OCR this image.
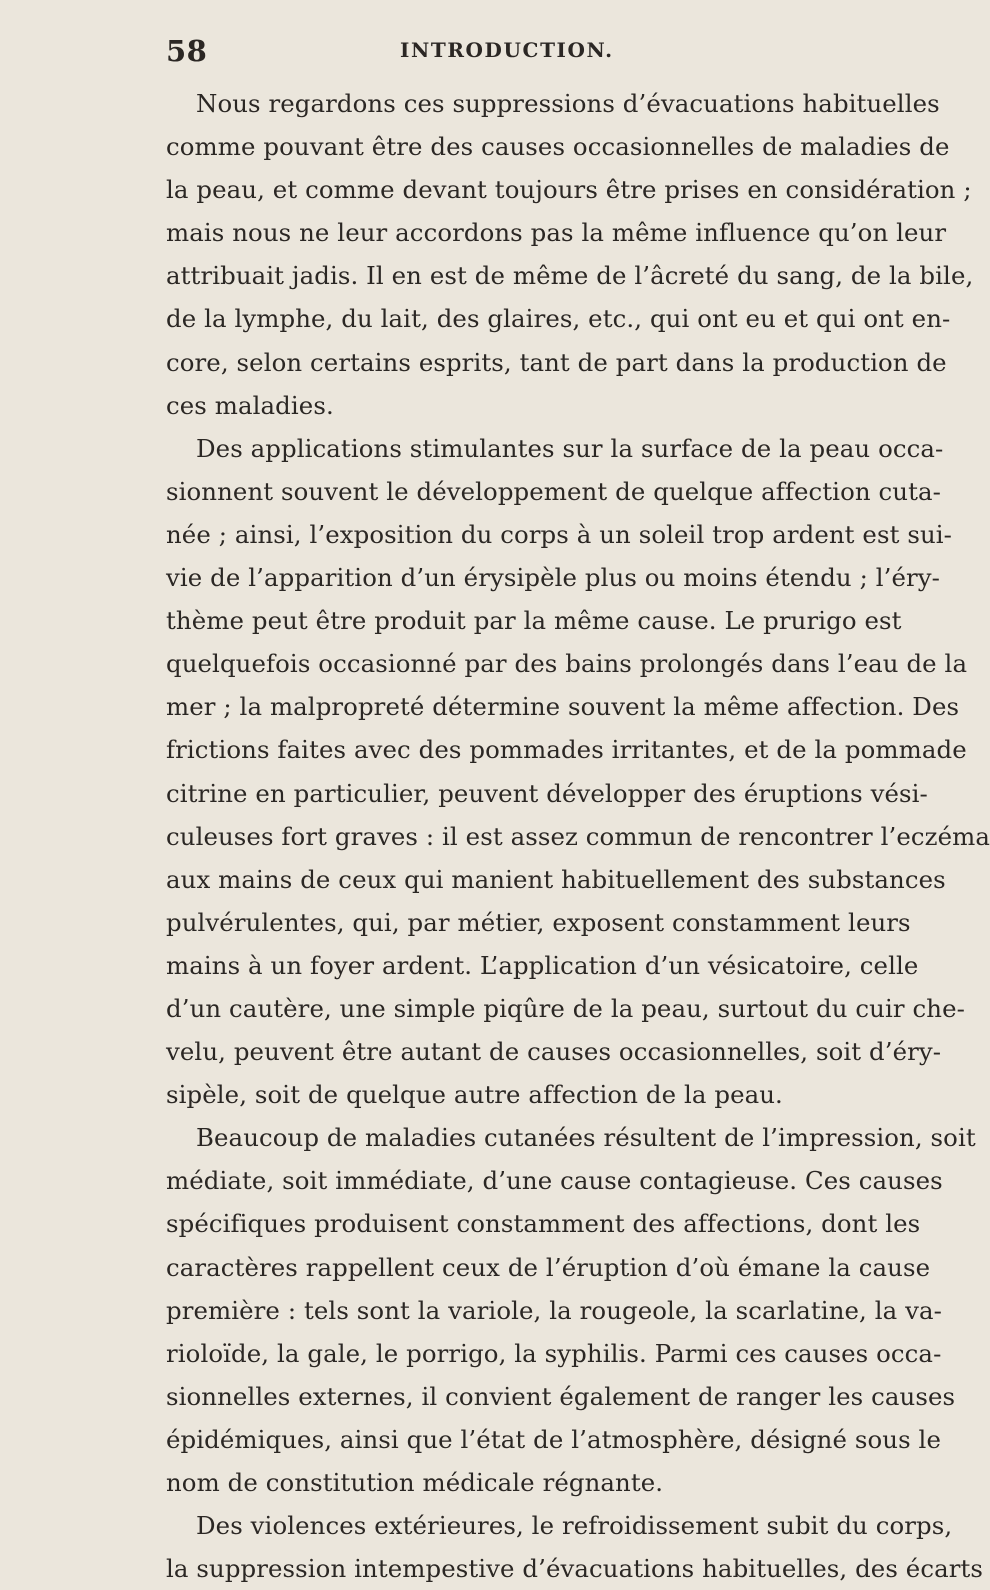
58	INTRODUCTION.

Nous regardons ces suppressions d’évacuations habituelles
comme pouvant être des causes occasionnelles de maladies de
la peau, et comme devant toujours être prises en considération ;
mais nous ne leur accordons pas la même influence qu’on leur
attribuait jadis. Il en est de même de l’âcreté du sang, de la bile,
de la lymphe, du lait, des glaires, etc., qui ont eu et qui ont en-
core, selon certains esprits, tant de part dans la production de
ces maladies.

Des applications stimulantes sur la surface de la peau occa-
sionnent souvent le développement de quelque affection cuta-
née ; ainsi, l’exposition du corps à un soleil trop ardent est sui-
vie de l’apparition d’un érysipèle plus ou moins étendu ; l’éry-
thème peut être produit par la même cause. Le prurigo est
quelquefois occasionné par des bains prolongés dans l’eau de la
mer ; la malpropreté détermine souvent la même affection. Des
frictions faites avec des pommades irritantes, et de la pommade
citrine en particulier, peuvent développer des éruptions vési-
culeuses fort graves : il est assez commun de rencontrer l’eczéma
aux mains de ceux qui manient habituellement des substances
pulvérulentes, qui, par métier, exposent constamment leurs
mains à un foyer ardent. L’application d’un vésicatoire, celle
d’un cautère, une simple piqûre de la peau, surtout du cuir che-
velu, peuvent être autant de causes occasionnelles, soit d’éry-
sipèle, soit de quelque autre affection de la peau.

Beaucoup de maladies cutanées résultent de l’impression, soit
médiate, soit immédiate, d’une cause contagieuse. Ces causes
spécifiques produisent constamment des affections, dont les
caractères rappellent ceux de l’éruption d’où émane la cause
première : tels sont la variole, la rougeole, la scarlatine, la va-
rioloïde, la gale, le porrigo, la syphilis. Parmi ces causes occa-
sionnelles externes, il convient également de ranger les causes
épidémiques, ainsi que l’état de l’atmosphère, désigné sous le
nom de constitution médicale régnante.

Des violences extérieures, le refroidissement subit du corps,
la suppression intempestive d’évacuations habituelles, des écarts
